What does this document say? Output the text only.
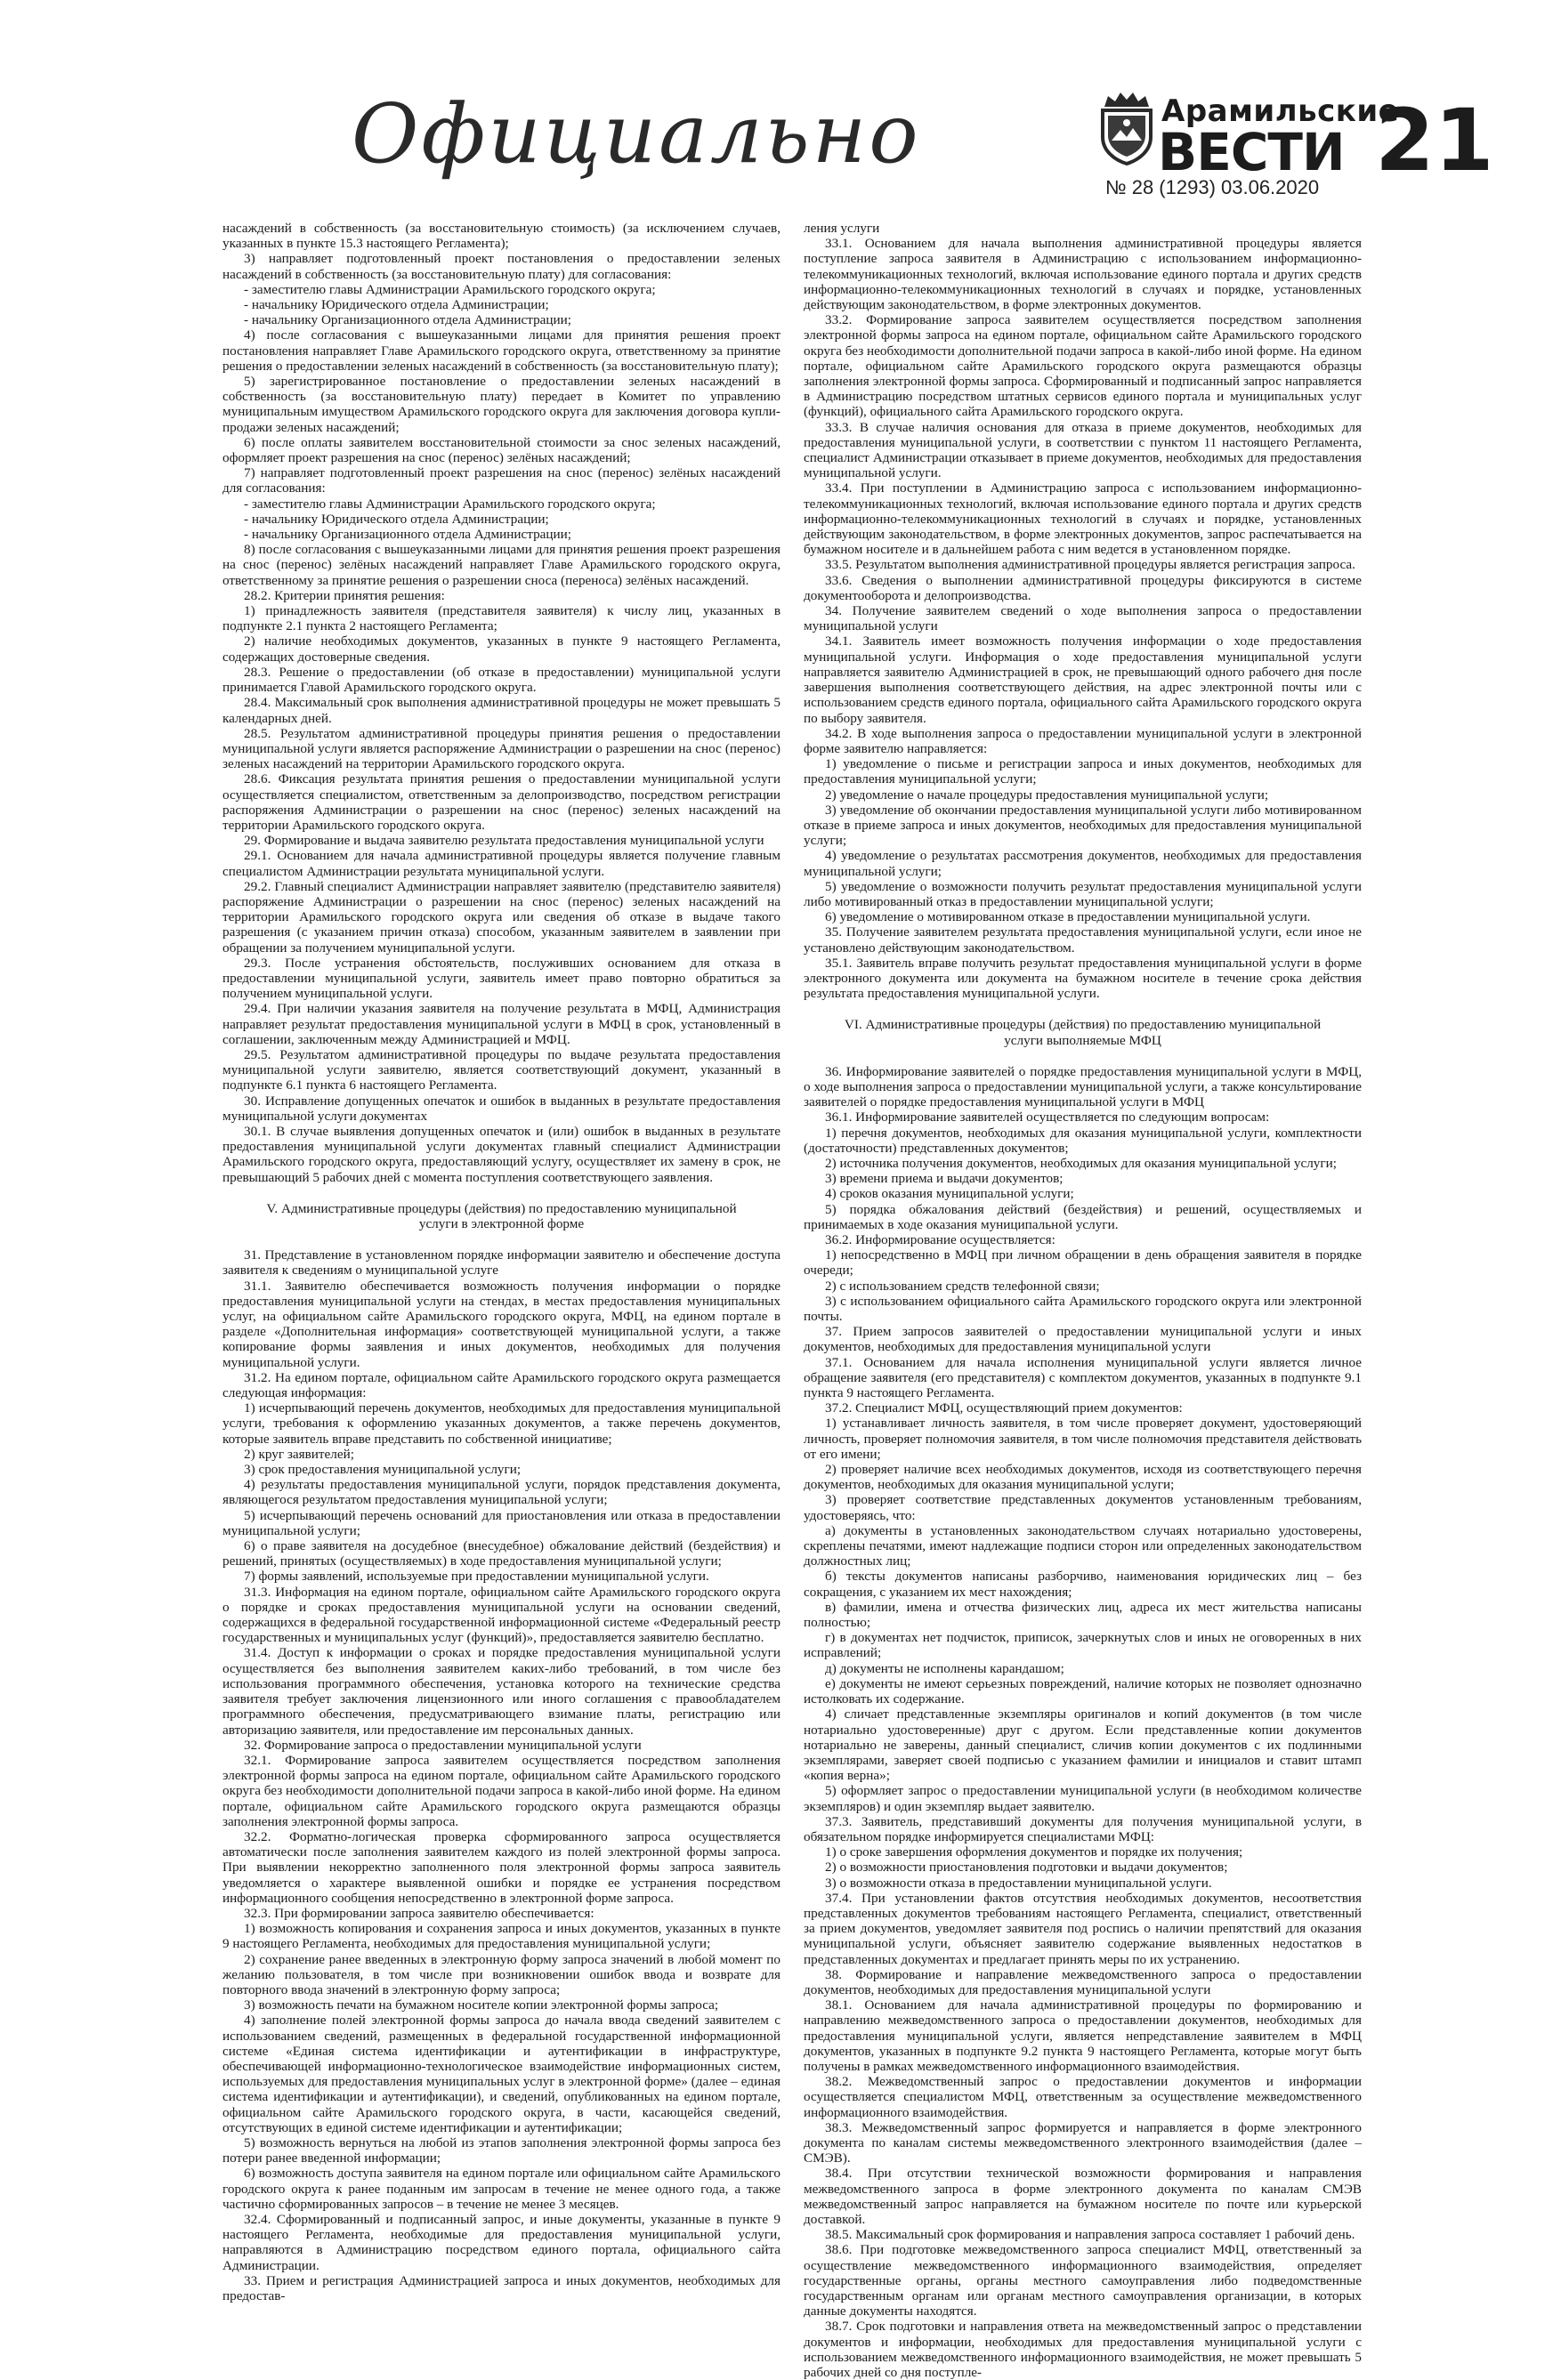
Официально	Арамильские
ВЕСТИ
№ 28 (1293) 03.06.2020 21

насаждений в собственность (за восстановительную стоимость) (за исключением случаев, указанных в пункте 15.3 настоящего Регламента);

3) направляет подготовленный проект постановления о предоставлении зеленых насаждений в собственность (за восстановительную плату) для согласования:

- заместителю главы Администрации Арамильского городского округа;

- начальнику Юридического отдела Администрации;

- начальнику Организационного отдела Администрации;

4) после согласования с вышеуказанными лицами для принятия решения проект постановления направляет Главе Арамильского городского округа, ответственному за принятие решения о предоставлении зеленых насаждений в собственность (за восстановительную плату);

5) зарегистрированное постановление о предоставлении зеленых насаждений в собственность (за восстановительную плату) передает в Комитет по управлению муниципальным имуществом Арамильского городского округа для заключения договора купли-продажи зеленых насаждений;

6) после оплаты заявителем восстановительной стоимости за снос зеленых насаждений, оформляет проект разрешения на снос (перенос) зелёных насаждений;

7) направляет подготовленный проект разрешения на снос (перенос) зелёных насаждений для согласования:

- заместителю главы Администрации Арамильского городского округа;

- начальнику Юридического отдела Администрации;

- начальнику Организационного отдела Администрации;

8) после согласования с вышеуказанными лицами для принятия решения проект разрешения на снос (перенос) зелёных насаждений направляет Главе Арамильского городского округа, ответственному за принятие решения о разрешении сноса (переноса) зелёных насаждений.

28.2. Критерии принятия решения:

1) принадлежность заявителя (представителя заявителя) к числу лиц, указанных в подпункте 2.1 пункта 2 настоящего Регламента;

2) наличие необходимых документов, указанных в пункте 9 настоящего Регламента, содержащих достоверные сведения.

28.3. Решение о предоставлении (об отказе в предоставлении) муниципальной услуги принимается Главой Арамильского городского округа.

28.4. Максимальный срок выполнения административной процедуры не может превышать 5 календарных дней.

28.5. Результатом административной процедуры принятия решения о предоставлении муниципальной услуги является распоряжение Администрации о разрешении на снос (перенос) зеленых насаждений на территории Арамильского городского округа.

28.6. Фиксация результата принятия решения о предоставлении муниципальной услуги осуществляется специалистом, ответственным за делопроизводство, посредством регистрации распоряжения Администрации о разрешении на снос (перенос) зеленых насаждений на территории Арамильского городского округа.

29. Формирование и выдача заявителю результата предоставления муниципальной услуги

29.1. Основанием для начала административной процедуры является получение главным специалистом Администрации результата муниципальной услуги.

29.2. Главный специалист Администрации направляет заявителю (представителю заявителя) распоряжение Администрации о разрешении на снос (перенос) зеленых насаждений на территории Арамильского городского округа или сведения об отказе в выдаче такого разрешения (с указанием причин отказа) способом, указанным заявителем в заявлении при обращении за получением муниципальной услуги.

29.3. После устранения обстоятельств, послуживших основанием для отказа в предоставлении муниципальной услуги, заявитель имеет право повторно обратиться за получением муниципальной услуги.

29.4. При наличии указания заявителя на получение результата в МФЦ, Администрация направляет результат предоставления муниципальной услуги в МФЦ в срок, установленный в соглашении, заключенным между Администрацией и МФЦ.

29.5. Результатом административной процедуры по выдаче результата предоставления муниципальной услуги заявителю, является соответствующий документ, указанный в подпункте 6.1 пункта 6 настоящего Регламента.

30. Исправление допущенных опечаток и ошибок в выданных в результате предоставления муниципальной услуги документах

30.1. В случае выявления допущенных опечаток и (или) ошибок в выданных в результате предоставления муниципальной услуги документах главный специалист Администрации Арамильского городского округа, предоставляющий услугу, осуществляет их замену в срок, не превышающий 5 рабочих дней с момента поступления соответствующего заявления.

V. Административные процедуры (действия) по предоставлению муниципальной услуги в электронной форме

31. Представление в установленном порядке информации заявителю и обеспечение доступа заявителя к сведениям о муниципальной услуге

31.1. Заявителю обеспечивается возможность получения информации о порядке предоставления муниципальной услуги на стендах, в местах предоставления муниципальных услуг, на официальном сайте Арамильского городского округа, МФЦ, на едином портале в разделе «Дополнительная информация» соответствующей муниципальной услуги, а также копирование формы заявления и иных документов, необходимых для получения муниципальной услуги.

31.2. На едином портале, официальном сайте Арамильского городского округа размещается следующая информация:

1) исчерпывающий перечень документов, необходимых для предоставления муниципальной услуги, требования к оформлению указанных документов, а также перечень документов, которые заявитель вправе представить по собственной инициативе;

2) круг заявителей;

3) срок предоставления муниципальной услуги;

4) результаты предоставления муниципальной услуги, порядок представления документа, являющегося результатом предоставления муниципальной услуги;

5) исчерпывающий перечень оснований для приостановления или отказа в предоставлении муниципальной услуги;

6) о праве заявителя на досудебное (внесудебное) обжалование действий (бездействия) и решений, принятых (осуществляемых) в ходе предоставления муниципальной услуги;

7) формы заявлений, используемые при предоставлении муниципальной услуги.

31.3. Информация на едином портале, официальном сайте Арамильского городского округа о порядке и сроках предоставления муниципальной услуги на основании сведений, содержащихся в федеральной государственной информационной системе «Федеральный реестр государственных и муниципальных услуг (функций)», предоставляется заявителю бесплатно.

31.4. Доступ к информации о сроках и порядке предоставления муниципальной услуги осуществляется без выполнения заявителем каких-либо требований, в том числе без использования программного обеспечения, установка которого на технические средства заявителя требует заключения лицензионного или иного соглашения с правообладателем программного обеспечения, предусматривающего взимание платы, регистрацию или авторизацию заявителя, или предоставление им персональных данных.

32. Формирование запроса о предоставлении муниципальной услуги

32.1. Формирование запроса заявителем осуществляется посредством заполнения электронной формы запроса на едином портале, официальном сайте Арамильского городского округа без необходимости дополнительной подачи запроса в какой-либо иной форме. На едином портале, официальном сайте Арамильского городского округа размещаются образцы заполнения электронной формы запроса.

32.2. Форматно-логическая проверка сформированного запроса осуществляется автоматически после заполнения заявителем каждого из полей электронной формы запроса. При выявлении некорректно заполненного поля электронной формы запроса заявитель уведомляется о характере выявленной ошибки и порядке ее устранения посредством информационного сообщения непосредственно в электронной форме запроса.

32.3. При формировании запроса заявителю обеспечивается:

1) возможность копирования и сохранения запроса и иных документов, указанных в пункте 9 настоящего Регламента, необходимых для предоставления муниципальной услуги;

2) сохранение ранее введенных в электронную форму запроса значений в любой момент по желанию пользователя, в том числе при возникновении ошибок ввода и возврате для повторного ввода значений в электронную форму запроса;

3) возможность печати на бумажном носителе копии электронной формы запроса;

4) заполнение полей электронной формы запроса до начала ввода сведений заявителем с использованием сведений, размещенных в федеральной государственной информационной системе «Единая система идентификации и аутентификации в инфраструктуре, обеспечивающей информационно-технологическое взаимодействие информационных систем, используемых для предоставления муниципальных услуг в электронной форме» (далее – единая система идентификации и аутентификации), и сведений, опубликованных на едином портале, официальном сайте Арамильского городского округа, в части, касающейся сведений, отсутствующих в единой системе идентификации и аутентификации;

5) возможность вернуться на любой из этапов заполнения электронной формы запроса без потери ранее введенной информации;

6) возможность доступа заявителя на едином портале или официальном сайте Арамильского городского округа к ранее поданным им запросам в течение не менее одного года, а также частично сформированных запросов – в течение не менее 3 месяцев.

32.4. Сформированный и подписанный запрос, и иные документы, указанные в пункте 9 настоящего Регламента, необходимые для предоставления муниципальной услуги, направляются в Администрацию посредством единого портала, официального сайта Администрации.

33. Прием и регистрация Администрацией запроса и иных документов, необходимых для предостав-

ления услуги

33.1. Основанием для начала выполнения административной процедуры является поступление запроса заявителя в Администрацию с использованием информационно-телекоммуникационных технологий, включая использование единого портала и других средств информационно-телекоммуникационных технологий в случаях и порядке, установленных действующим законодательством, в форме электронных документов.

33.2. Формирование запроса заявителем осуществляется посредством заполнения электронной формы запроса на едином портале, официальном сайте Арамильского городского округа без необходимости дополнительной подачи запроса в какой-либо иной форме. На едином портале, официальном сайте Арамильского городского округа размещаются образцы заполнения электронной формы запроса. Сформированный и подписанный запрос направляется в Администрацию посредством штатных сервисов единого портала и муниципальных услуг (функций), официального сайта Арамильского городского округа.

33.3. В случае наличия основания для отказа в приеме документов, необходимых для предоставления муниципальной услуги, в соответствии с пунктом 11 настоящего Регламента, специалист Администрации отказывает в приеме документов, необходимых для предоставления муниципальной услуги.

33.4. При поступлении в Администрацию запроса с использованием информационно-телекоммуникационных технологий, включая использование единого портала и других средств информационно-телекоммуникационных технологий в случаях и порядке, установленных действующим законодательством, в форме электронных документов, запрос распечатывается на бумажном носителе и в дальнейшем работа с ним ведется в установленном порядке.

33.5. Результатом выполнения административной процедуры является регистрация запроса.

33.6. Сведения о выполнении административной процедуры фиксируются в системе документооборота и делопроизводства.

34. Получение заявителем сведений о ходе выполнения запроса о предоставлении муниципальной услуги

34.1. Заявитель имеет возможность получения информации о ходе предоставления муниципальной услуги. Информация о ходе предоставления муниципальной услуги направляется заявителю Администрацией в срок, не превышающий одного рабочего дня после завершения выполнения соответствующего действия, на адрес электронной почты или с использованием средств единого портала, официального сайта Арамильского городского округа по выбору заявителя.

34.2. В ходе выполнения запроса о предоставлении муниципальной услуги в электронной форме заявителю направляется:

1) уведомление о письме и регистрации запроса и иных документов, необходимых для предоставления муниципальной услуги;

2) уведомление о начале процедуры предоставления муниципальной услуги;

3) уведомление об окончании предоставления муниципальной услуги либо мотивированном отказе в приеме запроса и иных документов, необходимых для предоставления муниципальной услуги;

4) уведомление о результатах рассмотрения документов, необходимых для предоставления муниципальной услуги;

5) уведомление о возможности получить результат предоставления муниципальной услуги либо мотивированный отказ в предоставлении муниципальной услуги;

6) уведомление о мотивированном отказе в предоставлении муниципальной услуги.

35. Получение заявителем результата предоставления муниципальной услуги, если иное не установлено действующим законодательством.

35.1. Заявитель вправе получить результат предоставления муниципальной услуги в форме электронного документа или документа на бумажном носителе в течение срока действия результата предоставления муниципальной услуги.

VI. Административные процедуры (действия) по предоставлению муниципальной услуги выполняемые МФЦ

36. Информирование заявителей о порядке предоставления муниципальной услуги в МФЦ, о ходе выполнения запроса о предоставлении муниципальной услуги, а также консультирование заявителей о порядке предоставления муниципальной услуги в МФЦ

36.1. Информирование заявителей осуществляется по следующим вопросам:

1) перечня документов, необходимых для оказания муниципальной услуги, комплектности (достаточности) представленных документов;

2) источника получения документов, необходимых для оказания муниципальной услуги;

3) времени приема и выдачи документов;

4) сроков оказания муниципальной услуги;

5) порядка обжалования действий (бездействия) и решений, осуществляемых и принимаемых в ходе оказания муниципальной услуги.

36.2. Информирование осуществляется:

1) непосредственно в МФЦ при личном обращении в день обращения заявителя в порядке очереди;

2) с использованием средств телефонной связи;

3) с использованием официального сайта Арамильского городского округа или электронной почты.

37. Прием запросов заявителей о предоставлении муниципальной услуги и иных документов, необходимых для предоставления муниципальной услуги

37.1. Основанием для начала исполнения муниципальной услуги является личное обращение заявителя (его представителя) с комплектом документов, указанных в подпункте 9.1 пункта 9 настоящего Регламента.

37.2. Специалист МФЦ, осуществляющий прием документов:

1) устанавливает личность заявителя, в том числе проверяет документ, удостоверяющий личность, проверяет полномочия заявителя, в том числе полномочия представителя действовать от его имени;

2) проверяет наличие всех необходимых документов, исходя из соответствующего перечня документов, необходимых для оказания муниципальной услуги;

3) проверяет соответствие представленных документов установленным требованиям, удостоверяясь, что:

а) документы в установленных законодательством случаях нотариально удостоверены, скреплены печатями, имеют надлежащие подписи сторон или определенных законодательством должностных лиц;

б) тексты документов написаны разборчиво, наименования юридических лиц – без сокращения, с указанием их мест нахождения;

в) фамилии, имена и отчества физических лиц, адреса их мест жительства написаны полностью;

г) в документах нет подчисток, приписок, зачеркнутых слов и иных не оговоренных в них исправлений;

д) документы не исполнены карандашом;

е) документы не имеют серьезных повреждений, наличие которых не позволяет однозначно истолковать их содержание.

4) сличает представленные экземпляры оригиналов и копий документов (в том числе нотариально удостоверенные) друг с другом. Если представленные копии документов нотариально не заверены, данный специалист, сличив копии документов с их подлинными экземплярами, заверяет своей подписью с указанием фамилии и инициалов и ставит штамп «копия верна»;

5) оформляет запрос о предоставлении муниципальной услуги (в необходимом количестве экземпляров) и один экземпляр выдает заявителю.

37.3. Заявитель, представивший документы для получения муниципальной услуги, в обязательном порядке информируется специалистами МФЦ:

1) о сроке завершения оформления документов и порядке их получения;

2) о возможности приостановления подготовки и выдачи документов;

3) о возможности отказа в предоставлении муниципальной услуги.

37.4. При установлении фактов отсутствия необходимых документов, несоответствия представленных документов требованиям настоящего Регламента, специалист, ответственный за прием документов, уведомляет заявителя под роспись о наличии препятствий для оказания муниципальной услуги, объясняет заявителю содержание выявленных недостатков в представленных документах и предлагает принять меры по их устранению.

38. Формирование и направление межведомственного запроса о предоставлении документов, необходимых для предоставления муниципальной услуги

38.1. Основанием для начала административной процедуры по формированию и направлению межведомственного запроса о предоставлении документов, необходимых для предоставления муниципальной услуги, является непредставление заявителем в МФЦ документов, указанных в подпункте 9.2 пункта 9 настоящего Регламента, которые могут быть получены в рамках межведомственного информационного взаимодействия.

38.2. Межведомственный запрос о предоставлении документов и информации осуществляется специалистом МФЦ, ответственным за осуществление межведомственного информационного взаимодействия.

38.3. Межведомственный запрос формируется и направляется в форме электронного документа по каналам системы межведомственного электронного взаимодействия (далее – СМЭВ).

38.4. При отсутствии технической возможности формирования и направления межведомственного запроса в форме электронного документа по каналам СМЭВ межведомственный запрос направляется на бумажном носителе по почте или курьерской доставкой.

38.5. Максимальный срок формирования и направления запроса составляет 1 рабочий день.

38.6. При подготовке межведомственного запроса специалист МФЦ, ответственный за осуществление межведомственного информационного взаимодействия, определяет государственные органы, органы местного самоуправления либо подведомственные государственным органам или органам местного самоуправления организации, в которых данные документы находятся.

38.7. Срок подготовки и направления ответа на межведомственный запрос о представлении документов и информации, необходимых для предоставления муниципальной услуги с использованием межведомственного информационного взаимодействия, не может превышать 5 рабочих дней со дня поступле-
